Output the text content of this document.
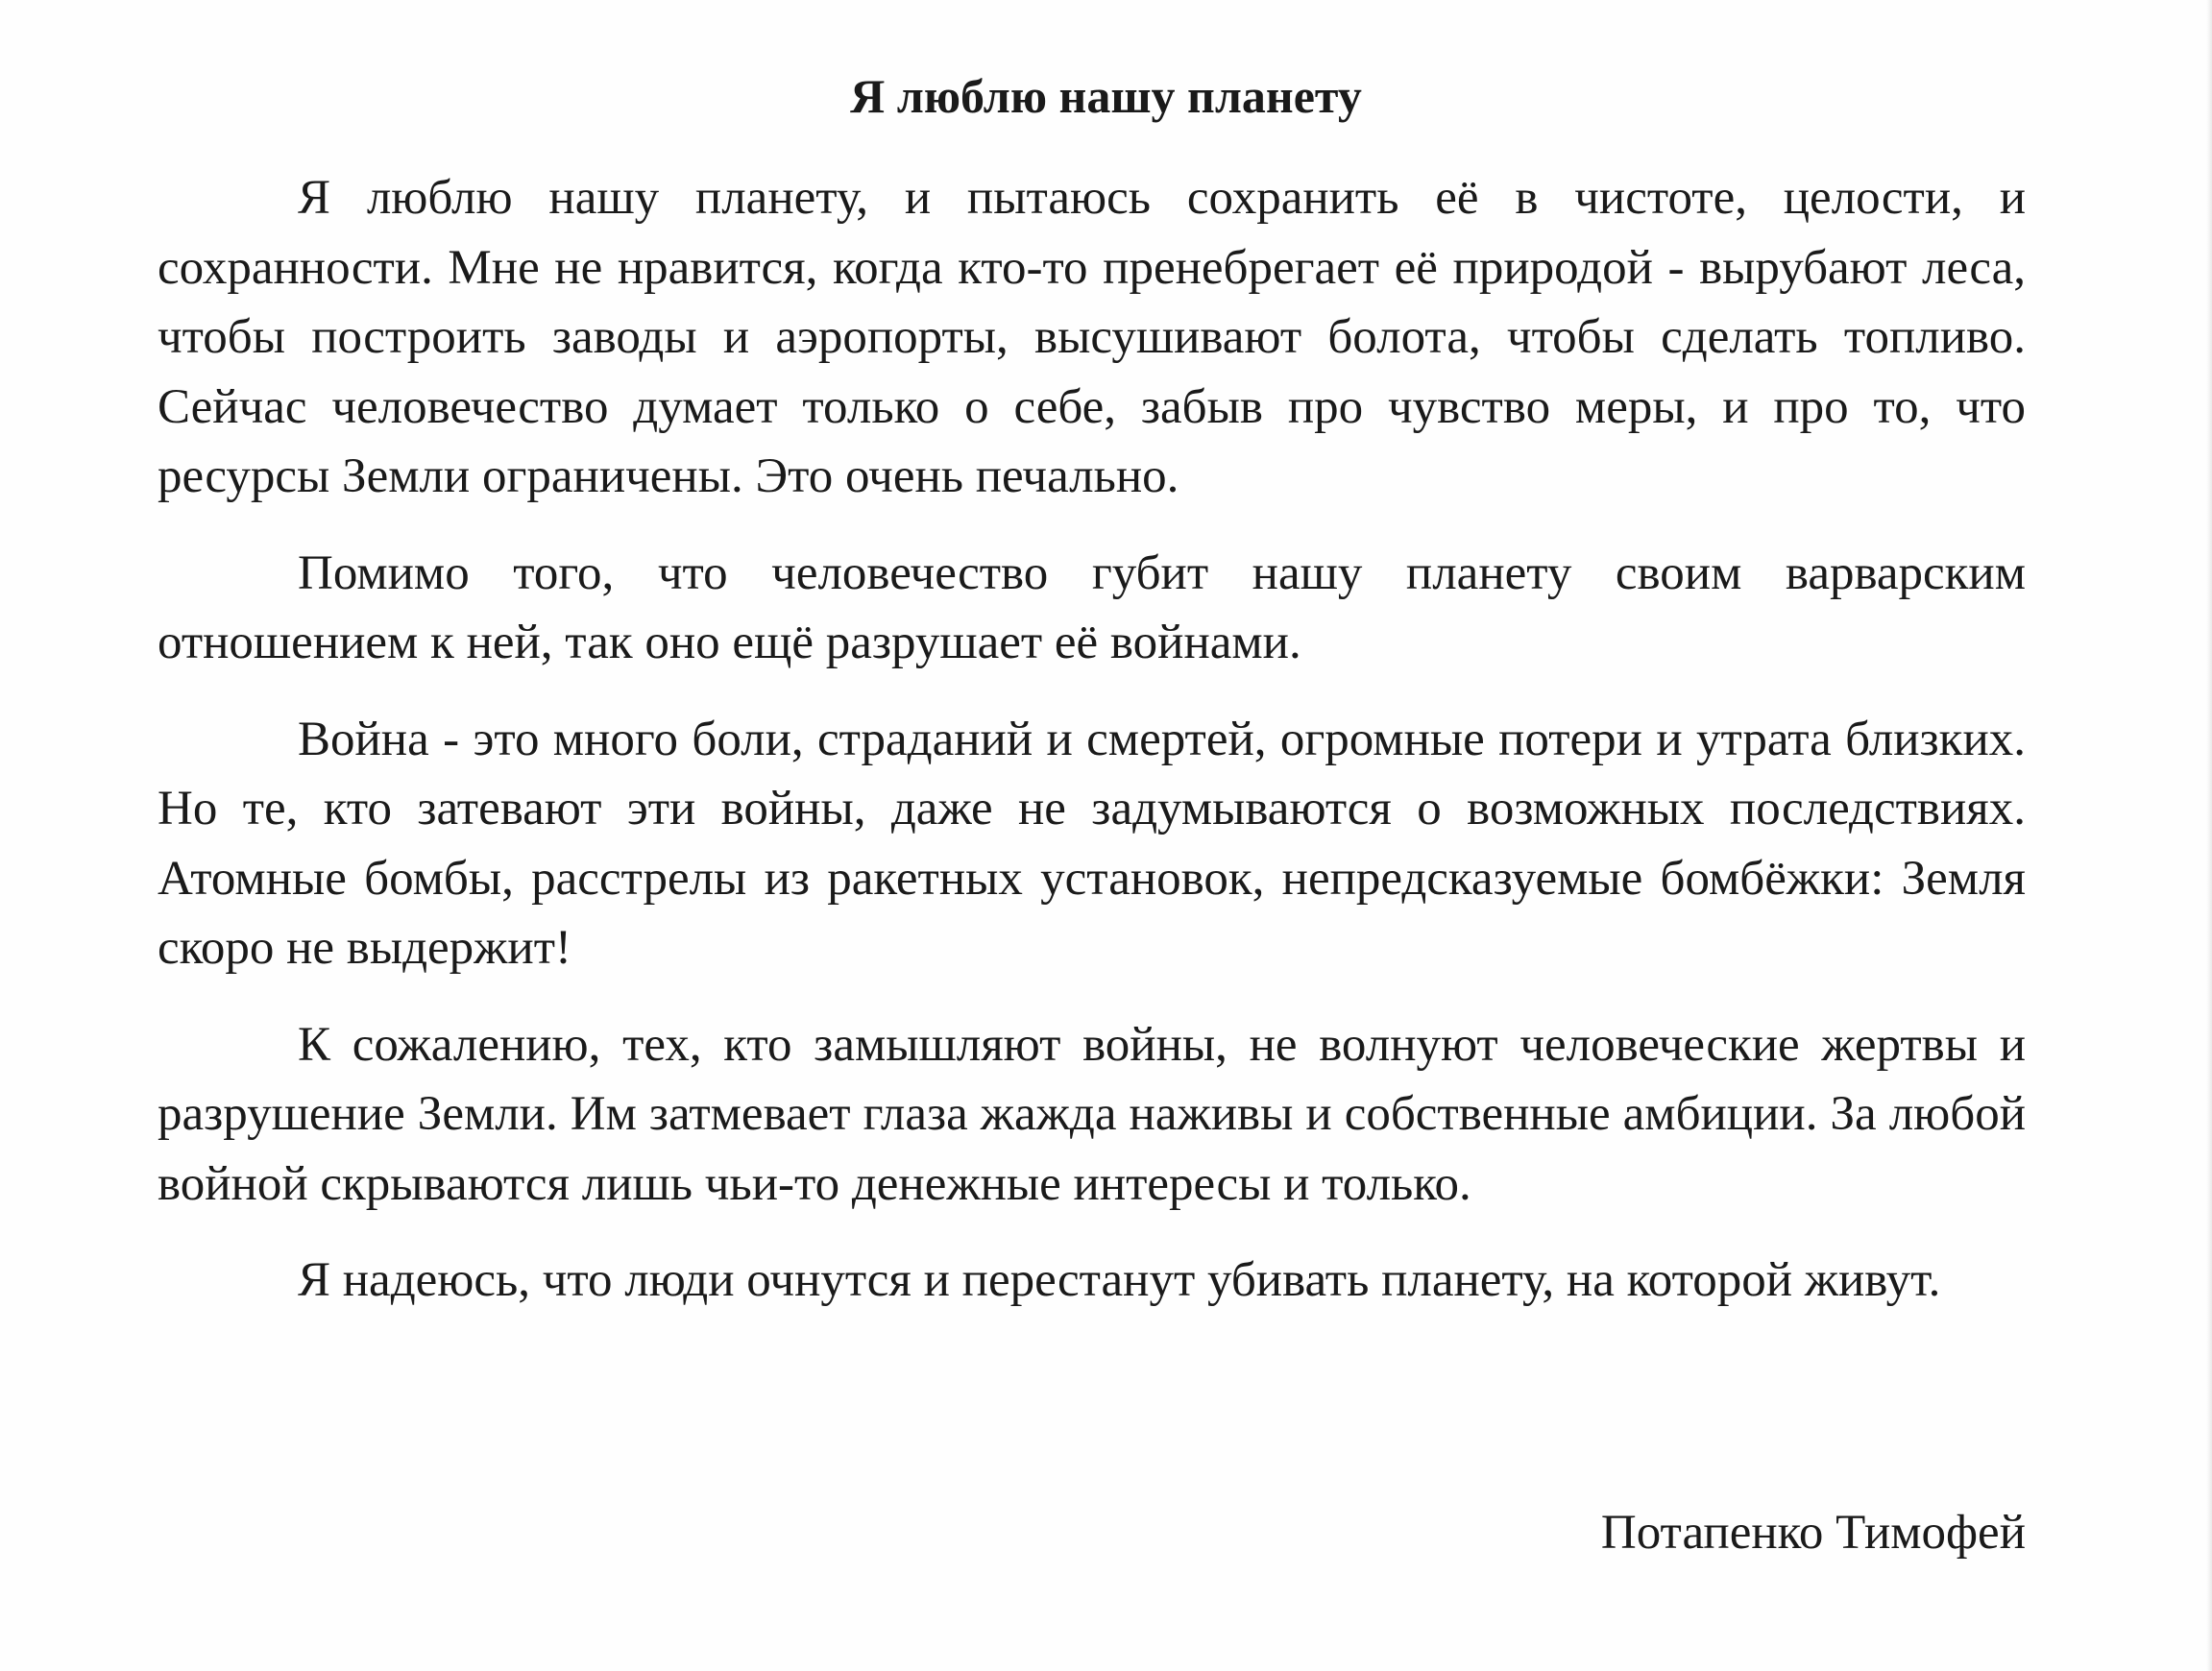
Я люблю нашу планету

Я люблю нашу планету, и пытаюсь сохранить её в чистоте, целости, и сохранности. Мне не нравится, когда кто-то пренебрегает её природой - вырубают леса, чтобы построить заводы и аэропорты, высушивают болота, чтобы сделать топливо. Сейчас человечество думает только о себе, забыв про чувство меры, и про то, что ресурсы Земли ограничены. Это очень печально.

Помимо того, что человечество губит нашу планету своим варварским отношением к ней, так оно ещё разрушает её войнами.

Война - это много боли, страданий и смертей, огромные потери и утрата близких. Но те, кто затевают эти войны, даже не задумываются о возможных последствиях. Атомные бомбы, расстрелы из ракетных установок, непредсказуемые бомбёжки: Земля скоро не выдержит!

К сожалению, тех, кто замышляют войны, не волнуют человеческие жертвы и разрушение Земли. Им затмевает глаза жажда наживы и собственные амбиции. За любой войной скрываются лишь чьи-то денежные интересы и только.

Я надеюсь, что люди очнутся и перестанут убивать планету, на которой живут.

Потапенко Тимофей
